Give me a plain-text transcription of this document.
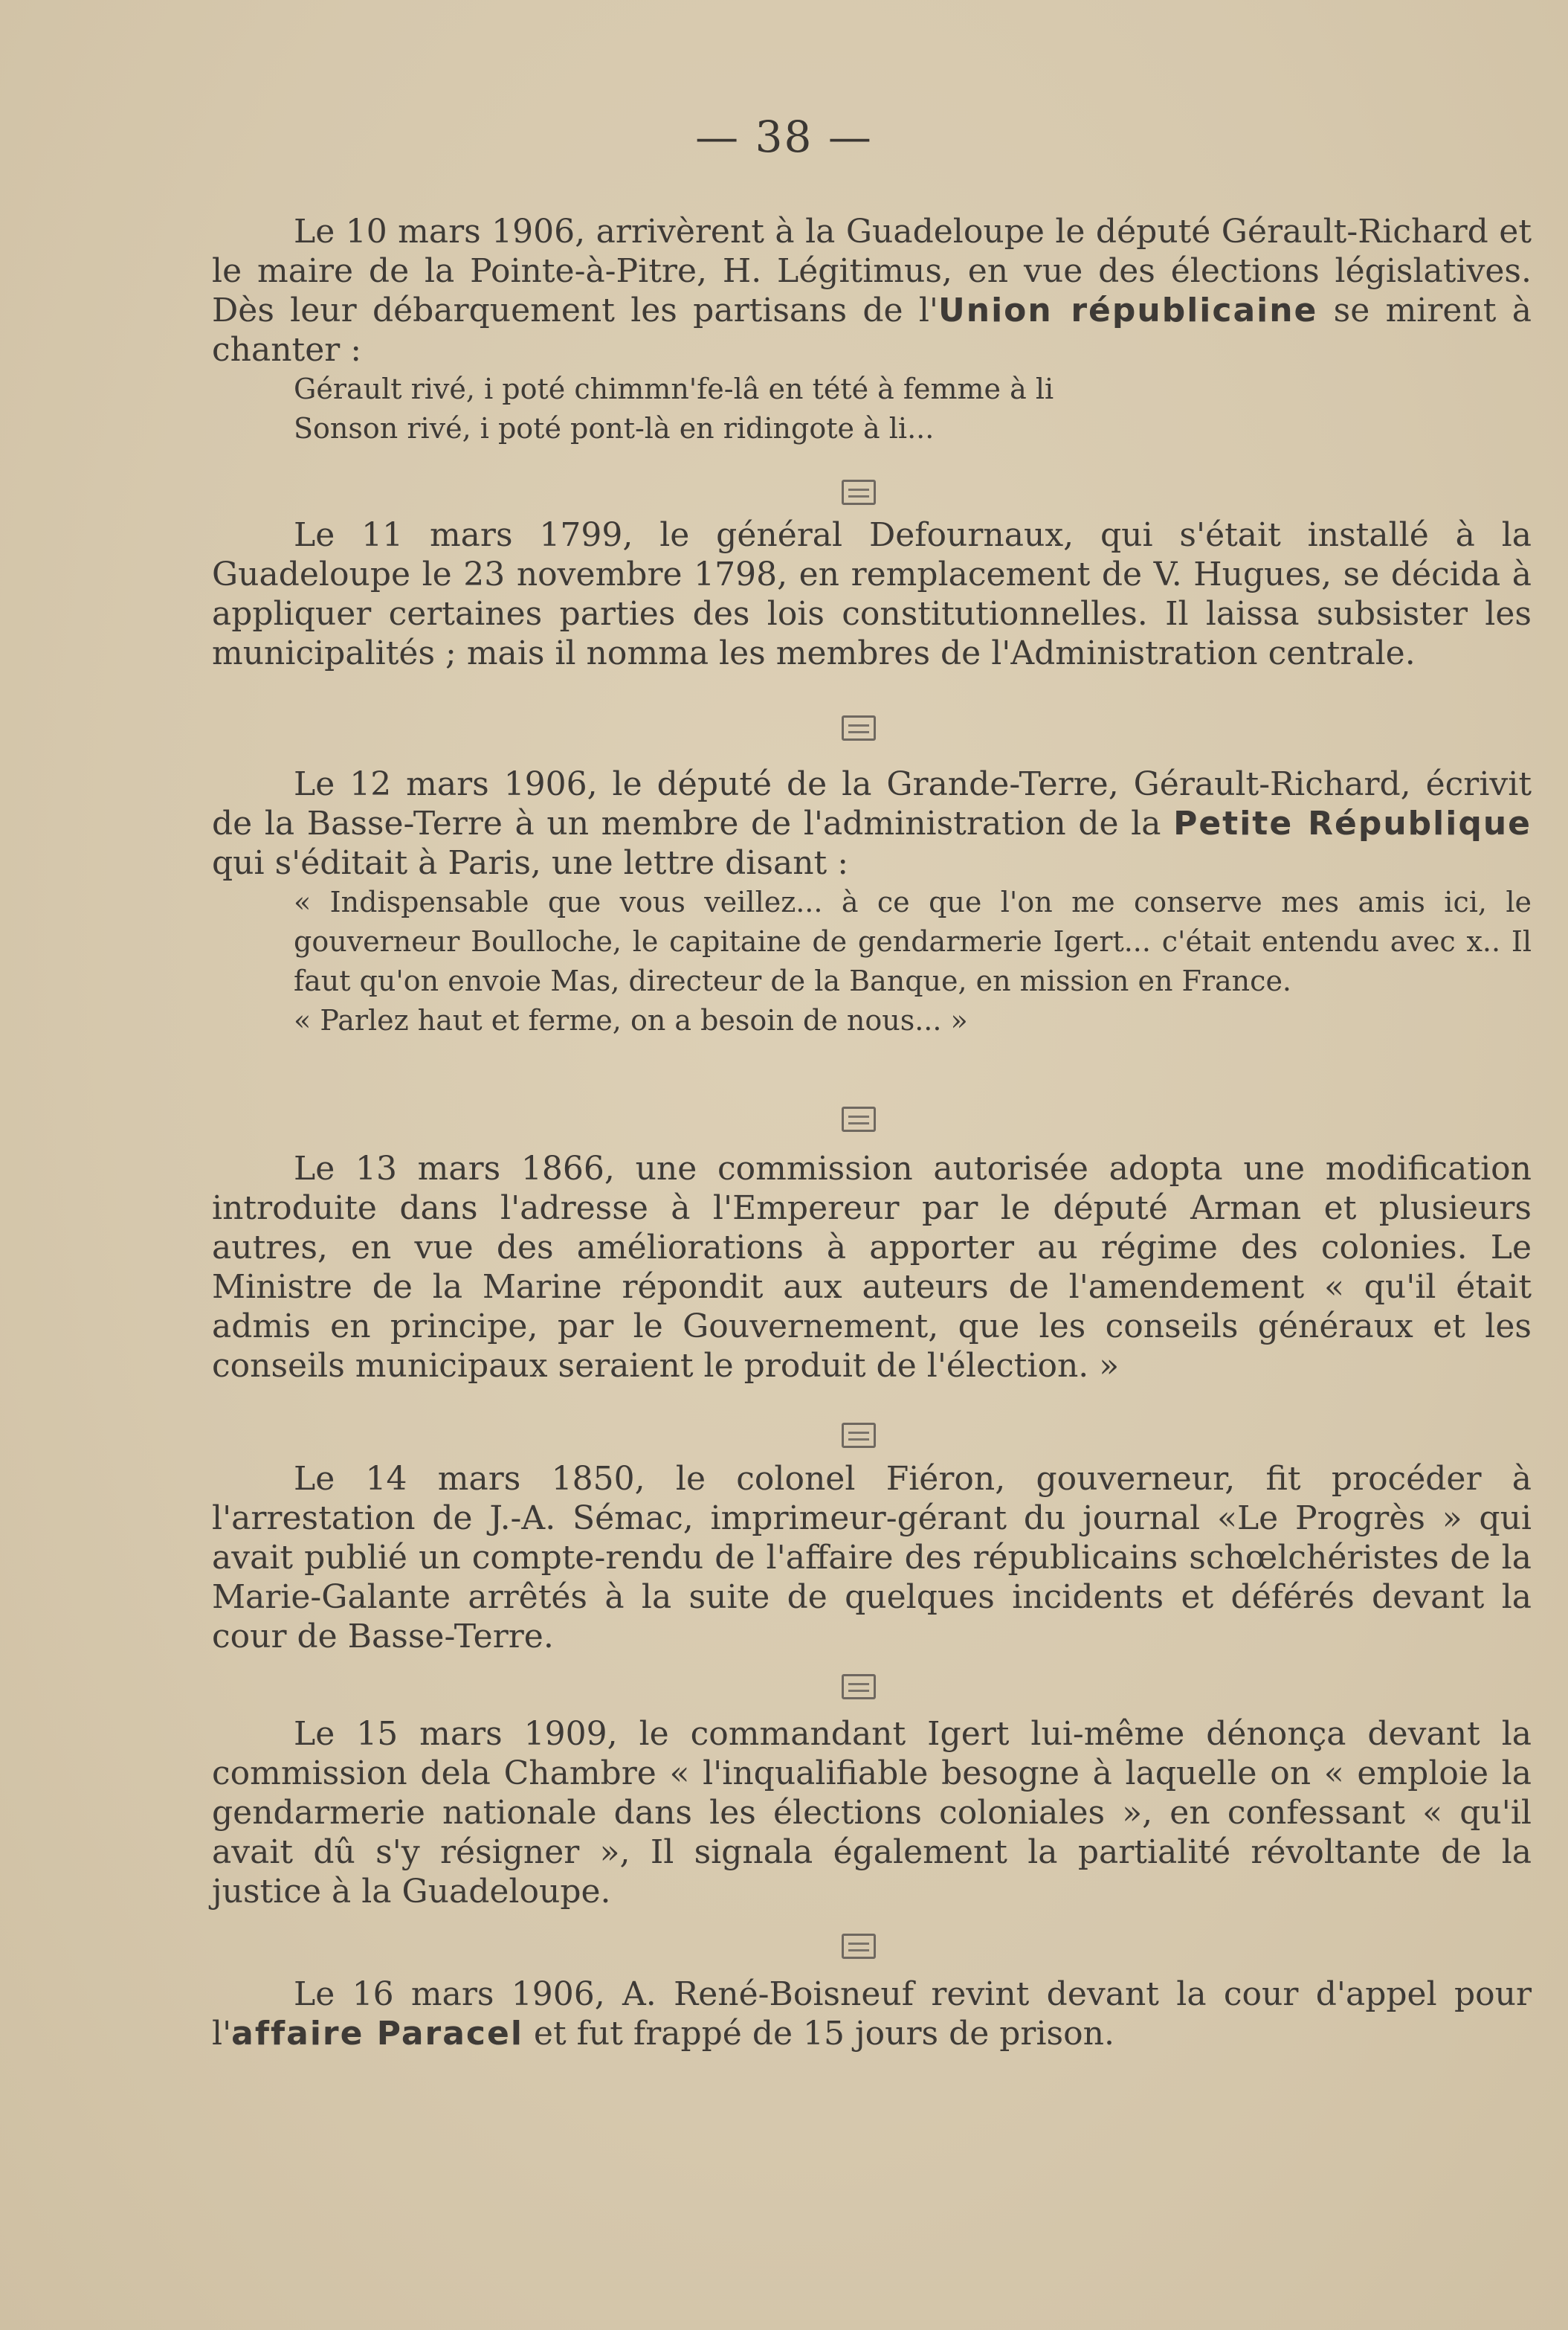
— 38 —

Le 10 mars 1906, arrivèrent à la Guadeloupe le député Gérault-Richard et le maire de la Pointe-à-Pitre, H. Légitimus, en vue des élections législatives. Dès leur débarquement les partisans de l'Union républicaine se mirent à chanter :

Gérault rivé, i poté chimmn'fe-lâ en tété à femme à li

Sonson rivé, i poté pont-là en ridingote à li...

Le 11 mars 1799, le général Defournaux, qui s'était installé à la Guadeloupe le 23 novembre 1798, en remplacement de V. Hugues, se décida à appliquer certaines parties des lois constitutionnelles. Il laissa subsister les municipalités ; mais il nomma les membres de l'Administration centrale.

Le 12 mars 1906, le député de la Grande-Terre, Gérault-Richard, écrivit de la Basse-Terre à un membre de l'administration de la Petite République qui s'éditait à Paris, une lettre disant :

« Indispensable que vous veillez... à ce que l'on me conserve mes amis ici, le gouverneur Boulloche, le capitaine de gendarmerie Igert... c'était entendu avec x.. Il faut qu'on envoie Mas, directeur de la Banque, en mission en France.

« Parlez haut et ferme, on a besoin de nous... »

Le 13 mars 1866, une commission autorisée adopta une modification introduite dans l'adresse à l'Empereur par le député Arman et plusieurs autres, en vue des améliorations à apporter au régime des colonies. Le Ministre de la Marine répondit aux auteurs de l'amendement « qu'il était admis en principe, par le Gouvernement, que les conseils généraux et les conseils municipaux seraient le produit de l'élection. »

Le 14 mars 1850, le colonel Fiéron, gouverneur, fit procéder à l'arrestation de J.-A. Sémac, imprimeur-gérant du journal «Le Progrès » qui avait publié un compte-rendu de l'affaire des républicains schœlchéristes de la Marie-Galante arrêtés à la suite de quelques incidents et déférés devant la cour de Basse-Terre.

Le 15 mars 1909, le commandant Igert lui-même dénonça devant la commission dela Chambre « l'inqualifiable besogne à laquelle on « emploie la gendarmerie nationale dans les élections coloniales », en confessant « qu'il avait dû s'y résigner », Il signala également la partialité révoltante de la justice à la Guadeloupe.

Le 16 mars 1906, A. René-Boisneuf revint devant la cour d'appel pour l'affaire Paracel et fut frappé de 15 jours de prison.
